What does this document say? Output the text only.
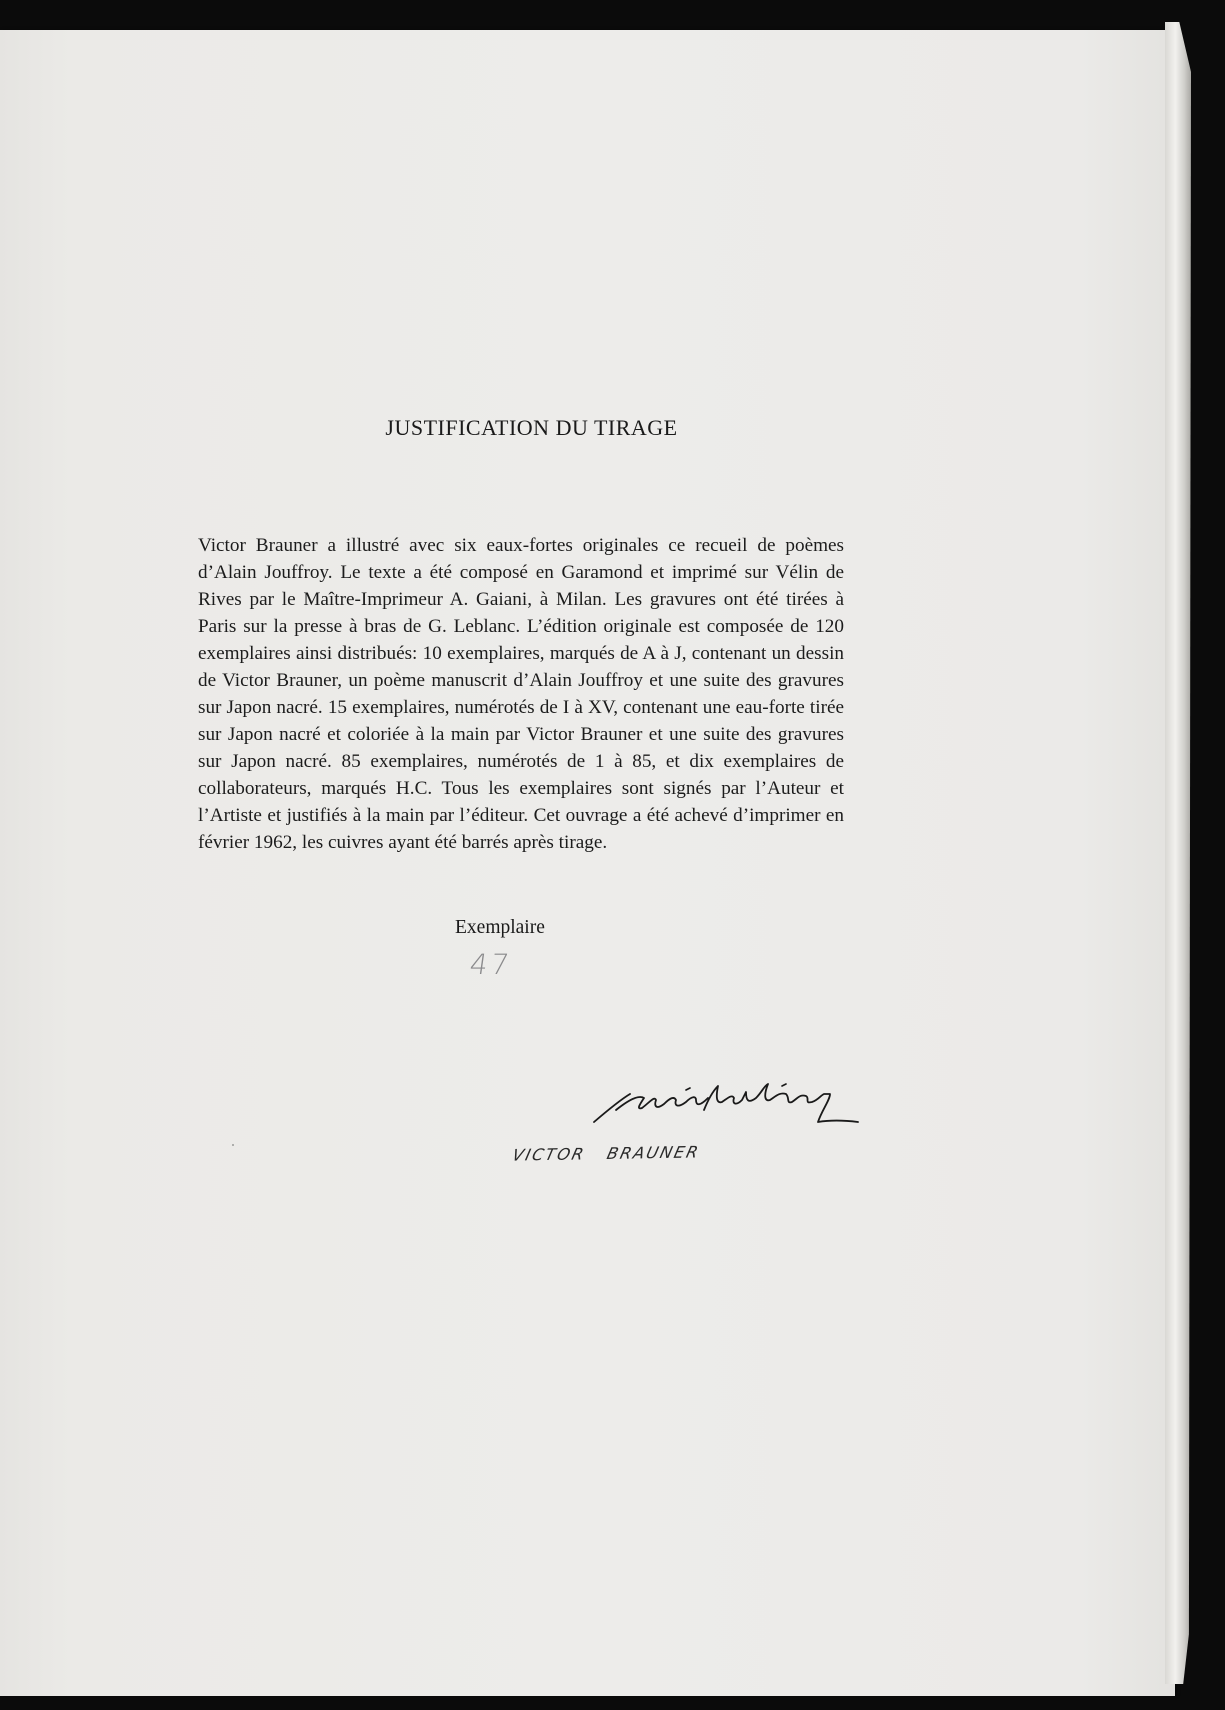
JUSTIFICATION DU TIRAGE

Victor Brauner a illustré avec six eaux-fortes originales ce recueil de poèmes d’Alain Jouffroy. Le texte a été composé en Garamond et imprimé sur Vélin de Rives par le Maître-Imprimeur A. Gaiani, à Milan. Les gravures ont été tirées à Paris sur la presse à bras de G. Leblanc. L’édition originale est composée de 120 exemplaires ainsi distribués: 10 exemplaires, marqués de A à J, contenant un dessin de Victor Brauner, un poème manuscrit d’Alain Jouffroy et une suite des gravures sur Japon nacré. 15 exemplaires, numérotés de I à XV, contenant une eau-forte tirée sur Japon nacré et coloriée à la main par Victor Brauner et une suite des gravures sur Japon nacré. 85 exemplaires, numérotés de 1 à 85, et dix exemplaires de collaborateurs, marqués H.C. Tous les exemplaires sont signés par l’Auteur et l’Artiste et justifiés à la main par l’éditeur. Cet ouvrage a été achevé d’imprimer en février 1962, les cuivres ayant été barrés après tirage.

Exemplaire
47
VICTOR BRAUNER
